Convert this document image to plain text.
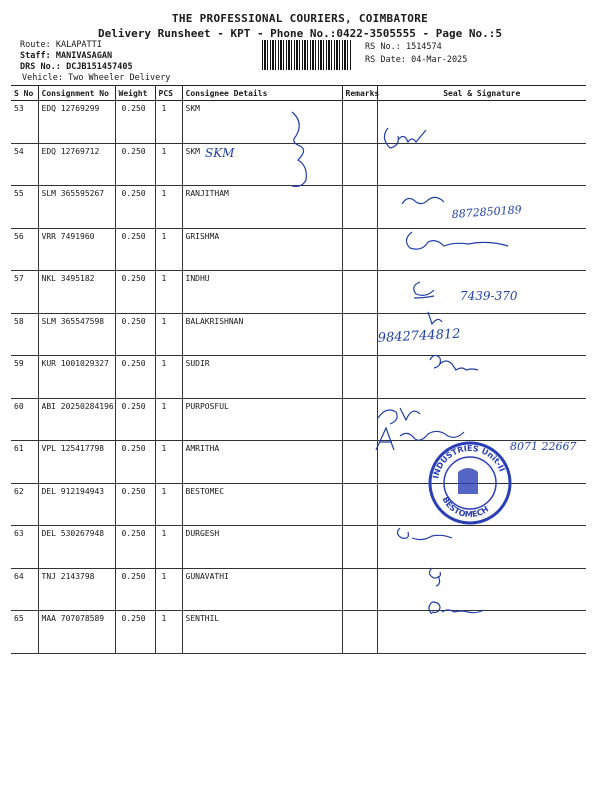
THE PROFESSIONAL COURIERS, COIMBATORE
Delivery Runsheet - KPT - Phone No.:0422-3505555 - Page No.:5
Route: KALAPATTI
Staff: MANIVASAGAN
DRS No.: DCJB151457405
Vehicle: Two Wheeler Delivery
RS No.: 1514574
RS Date: 04-Mar-2025
S No	Consignment No	Weight	PCS	Consignee Details	Remarks	Seal & Signature
53	EDQ 12769299	0.250	1	SKM		
54	EDQ 12769712	0.250	1	SKM		
55	SLM 365595267	0.250	1	RANJITHAM		
56	VRR 7491960	0.250	1	GRISHMA		
57	NKL 3495182	0.250	1	INDHU		
58	SLM 365547598	0.250	1	BALAKRISHNAN		
59	KUR 1001029327	0.250	1	SUDIR		
60	ABI 20250284196	0.250	1	PURPOSFUL		
61	VPL 125417798	0.250	1	AMRITHA		
62	DEL 912194943	0.250	1	BESTOMEC		
63	DEL 530267948	0.250	1	DURGESH		
64	TNJ 2143798	0.250	1	GUNAVATHI		
65	MAA 707078589	0.250	1	SENTHIL		
SKM
8872850189
7439-370
9842744812
8071 22667
INDUSTRIES Unit-II
BESTOMECH
